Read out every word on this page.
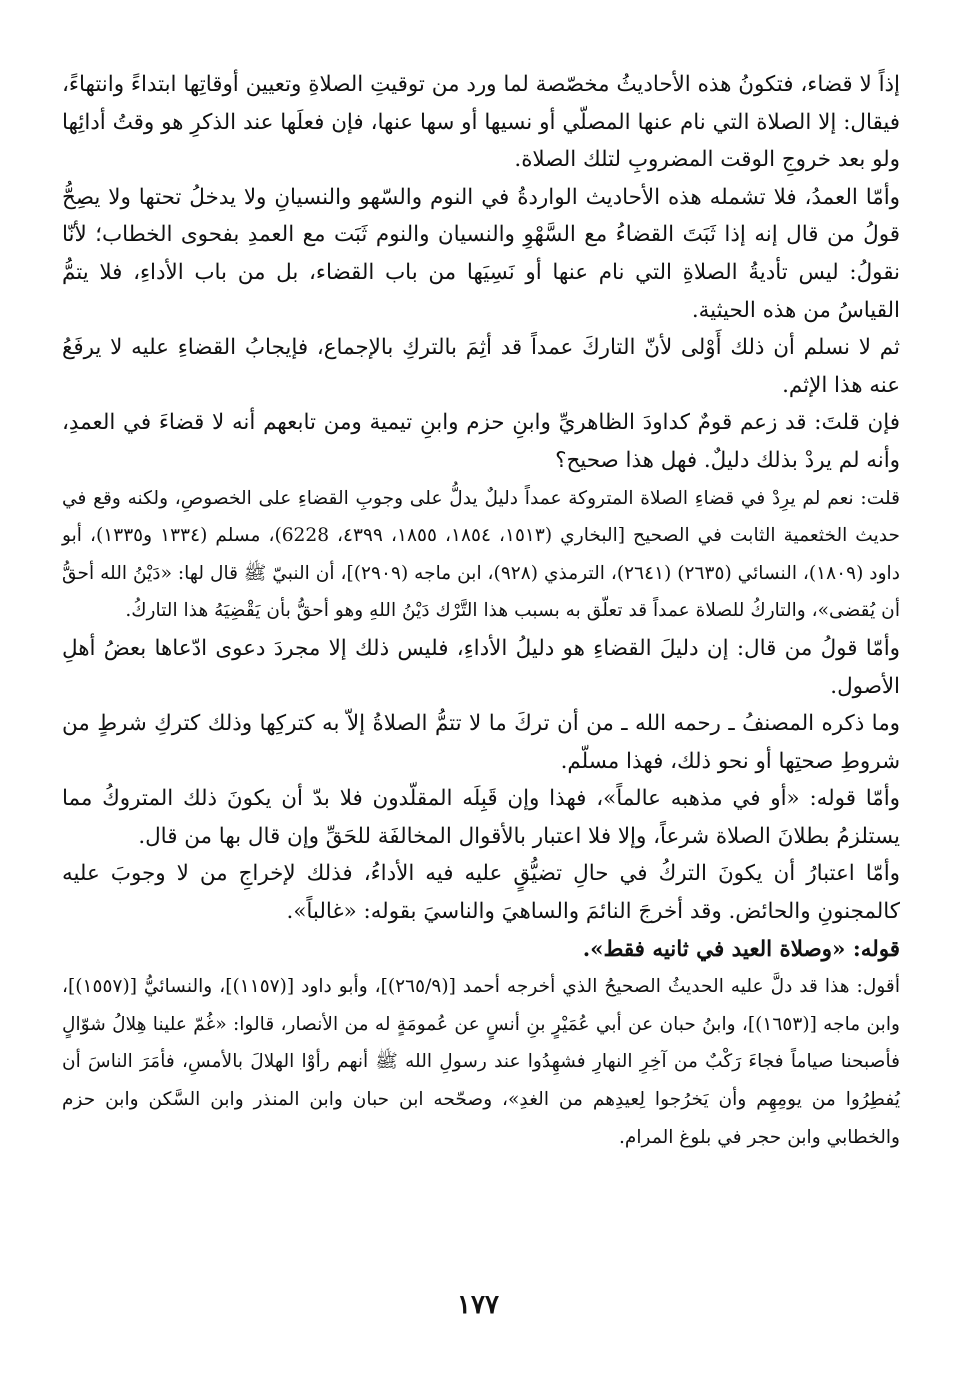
إذاً لا قضاء، فتكونُ هذه الأحاديثُ مخصّصة لما ورد من توقيتِ الصلاةِ وتعيين أوقاتِها ابتداءً وانتهاءً، فيقال: إلا الصلاة التي نام عنها المصلّي أو نسيها أو سها عنها، فإن فعلَها عند الذكرِ هو وقتُ أدائِها ولو بعد خروجِ الوقت المضروبِ لتلك الصلاة.

وأمّا العمدُ، فلا تشمله هذه الأحاديث الواردةُ في النوم والسّهو والنسيانِ ولا يدخلُ تحتها ولا يصِحُّ قولُ من قال إنه إذا ثَبَتَ القضاءُ مع السَّهْوِ والنسيان والنوم ثَبَت مع العمدِ بفحوى الخطاب؛ لأنّا نقولُ: ليس تأديةُ الصلاةِ التي نام عنها أو نَسِيَها من باب القضاء، بل من باب الأداءِ، فلا يتمُّ القياسُ من هذه الحيثية.

ثم لا نسلم أن ذلك أَوْلى لأنّ التاركَ عمداً قد أثِمَ بالتركِ بالإجماع، فإيجابُ القضاءِ عليه لا يرفَعُ عنه هذا الإثم.

فإن قلتَ: قد زعم قومٌ كداودَ الظاهريِّ وابنِ حزم وابنِ تيمية ومن تابعهم أنه لا قضاءَ في العمدِ، وأنه لم يردْ بذلك دليلٌ. فهل هذا صحيح؟

قلت: نعم لم يرِدْ في قضاءِ الصلاة المتروكة عمداً دليلٌ يدلُّ على وجوبِ القضاءِ على الخصوصِ، ولكنه وقع في حديث الخثعمية الثابت في الصحيح [البخاري (١٥١٣، ١٨٥٤، ١٨٥٥، ٤٣٩٩، 6228)، مسلم (١٣٣٤ و١٣٣٥)، أبو داود (١٨٠٩)، النسائي (٢٦٣٥) (٢٦٤١)، الترمذي (٩٢٨)، ابن ماجه (٢٩٠٩)]، أن النبيّ ﷺ قال لها: «دَيْنُ الله أحقُّ أن يُقضى»، والتاركُ للصلاة عمداً قد تعلّق به بسبب هذا التَّرْك دَيْنُ اللهِ وهو أحقُّ بأن يَقْضِيَهُ هذا التاركُ.

وأمّا قولُ من قال: إن دليلَ القضاءِ هو دليلُ الأداءِ، فليس ذلك إلا مجردَ دعوى ادّعاها بعضُ أهلِ الأصول.

وما ذكره المصنفُ ـ رحمه الله ـ من أن تركَ ما لا تتمُّ الصلاةُ إلاّ به كتركِها وذلك كتركِ شرطٍ من شروطِ صحتِها أو نحو ذلك، فهذا مسلّم.

وأمّا قوله: «أو في مذهبه عالماً»، فهذا وإن قَبِلَه المقلّدون فلا بدّ أن يكونَ ذلك المتروكُ مما يستلزمُ بطلانَ الصلاة شرعاً، وإلا فلا اعتبار بالأقوال المخالفَة للحَقِّ وإن قال بها من قال.

وأمّا اعتبارُ أن يكونَ التركُ في حالِ تضيُّقٍ عليه فيه الأداءُ، فذلك لإخراجِ من لا وجوبَ عليه كالمجنونِ والحائض. وقد أخرجَ النائمَ والساهيَ والناسيَ بقوله: «غالباً».

قوله: «وصلاة العيد في ثانيه فقط».

أقول: هذا قد دلَّ عليه الحديثُ الصحيحُ الذي أخرجه أحمد [(٢٦٥/٩)]، وأبو داود [(١١٥٧)]، والنسائيُّ [(١٥٥٧)]، وابن ماجه [(١٦٥٣)]، وابنُ حبان عن أبي عُمَيْرٍ بنِ أنسٍ عن عُمومَةٍ له من الأنصار، قالوا: «غُمّ علينا هِلالُ شوّالٍ فأصبحنا صياماً فجاءَ رَكْبٌ من آخِرِ النهارِ فشهِدُوا عند رسولِ الله ﷺ أنهم رأوْا الهلالَ بالأمسِ، فأمَرَ الناسَ أن يُفطِرُوا من يومِهِم وأن يَخرُجوا لِعيدِهم من الغدِ»، وصحّحه ابن حبان وابن المنذر وابن السَّكن وابن حزم والخطابي وابن حجر في بلوغ المرام.

١٧٧
